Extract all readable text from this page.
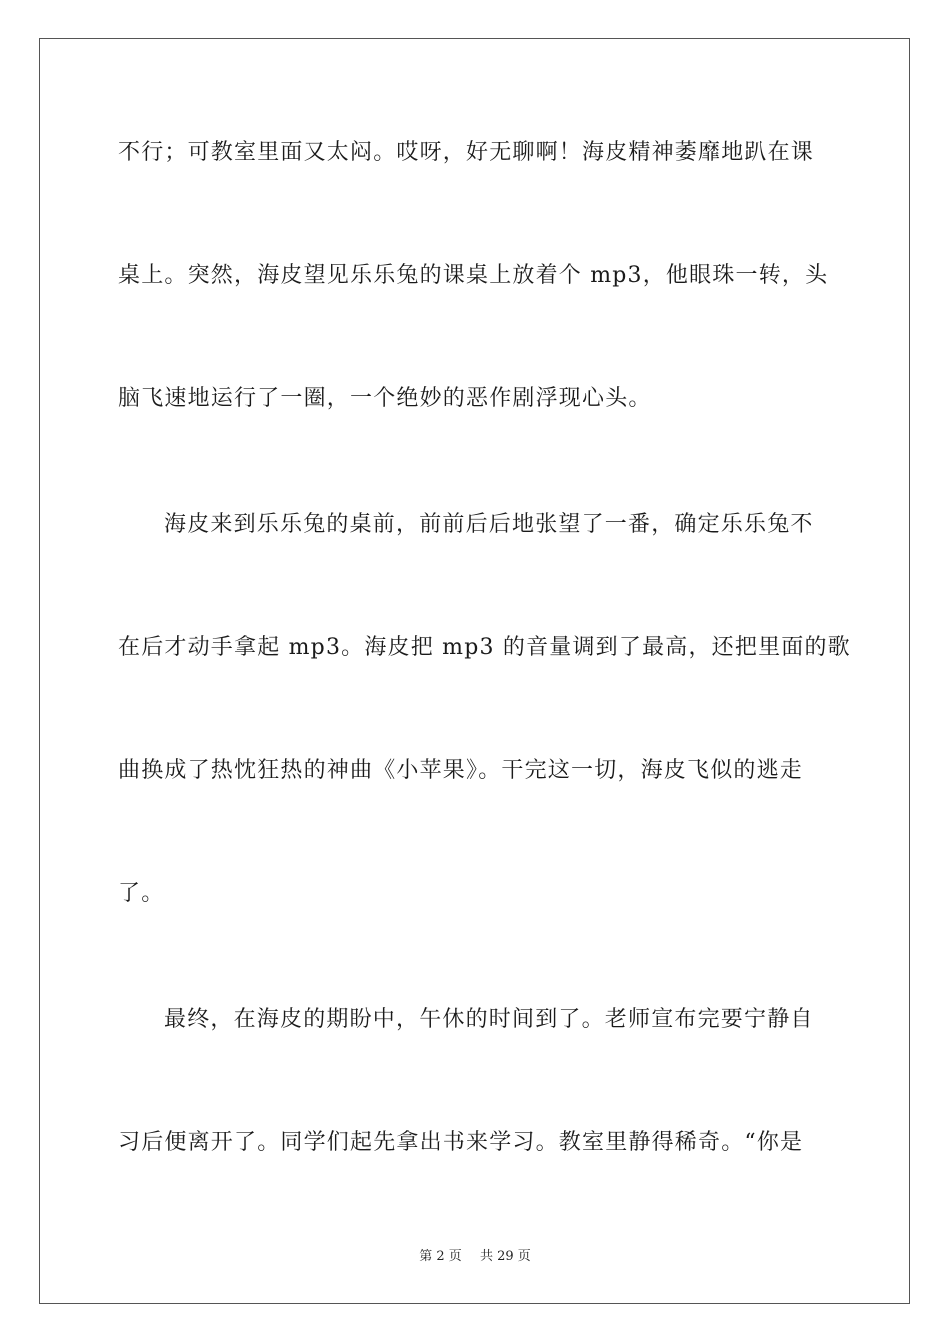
不行；可教室里面又太闷。哎呀，好无聊啊！海皮精神萎靡地趴在课
桌上。突然，海皮望见乐乐兔的课桌上放着个 mp3，他眼珠一转，头
脑飞速地运行了一圈，一个绝妙的恶作剧浮现心头。
海皮来到乐乐兔的桌前，前前后后地张望了一番，确定乐乐兔不
在后才动手拿起 mp3。海皮把 mp3 的音量调到了最高，还把里面的歌
曲换成了热忱狂热的神曲《小苹果》。干完这一切，海皮飞似的逃走
了。
最终，在海皮的期盼中，午休的时间到了。老师宣布完要宁静自
习后便离开了。同学们起先拿出书来学习。教室里静得稀奇。“你是
第 2 页 共 29 页
